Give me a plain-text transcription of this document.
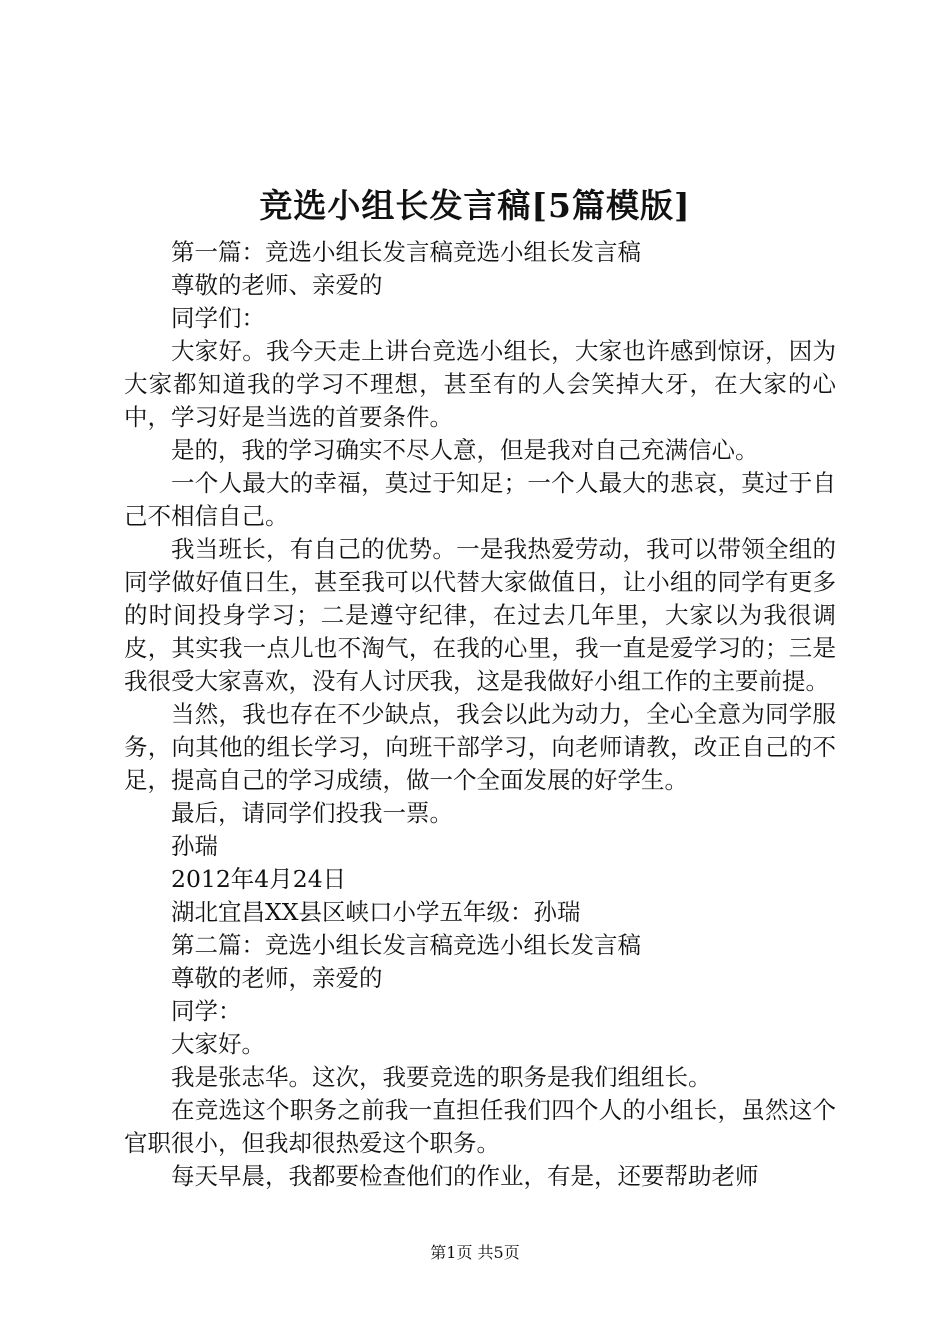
竞选小组长发言稿[5篇模版]

第一篇：竞选小组长发言稿竞选小组长发言稿

尊敬的老师、亲爱的

同学们：

大家好。我今天走上讲台竞选小组长，大家也许感到惊讶，因为大家都知道我的学习不理想，甚至有的人会笑掉大牙，在大家的心中，学习好是当选的首要条件。

是的，我的学习确实不尽人意，但是我对自己充满信心。

一个人最大的幸福，莫过于知足；一个人最大的悲哀，莫过于自己不相信自己。

我当班长，有自己的优势。一是我热爱劳动，我可以带领全组的同学做好值日生，甚至我可以代替大家做值日，让小组的同学有更多的时间投身学习；二是遵守纪律，在过去几年里，大家以为我很调皮，其实我一点儿也不淘气，在我的心里，我一直是爱学习的；三是我很受大家喜欢，没有人讨厌我，这是我做好小组工作的主要前提。

当然，我也存在不少缺点，我会以此为动力，全心全意为同学服务，向其他的组长学习，向班干部学习，向老师请教，改正自己的不足，提高自己的学习成绩，做一个全面发展的好学生。

最后，请同学们投我一票。

孙瑞

2012年4月24日

湖北宜昌XX县区峡口小学五年级：孙瑞

第二篇：竞选小组长发言稿竞选小组长发言稿

尊敬的老师，亲爱的

同学：

大家好。

我是张志华。这次，我要竞选的职务是我们组组长。

在竞选这个职务之前我一直担任我们四个人的小组长，虽然这个官职很小，但我却很热爱这个职务。

每天早晨，我都要检查他们的作业，有是，还要帮助老师

第1页 共5页
